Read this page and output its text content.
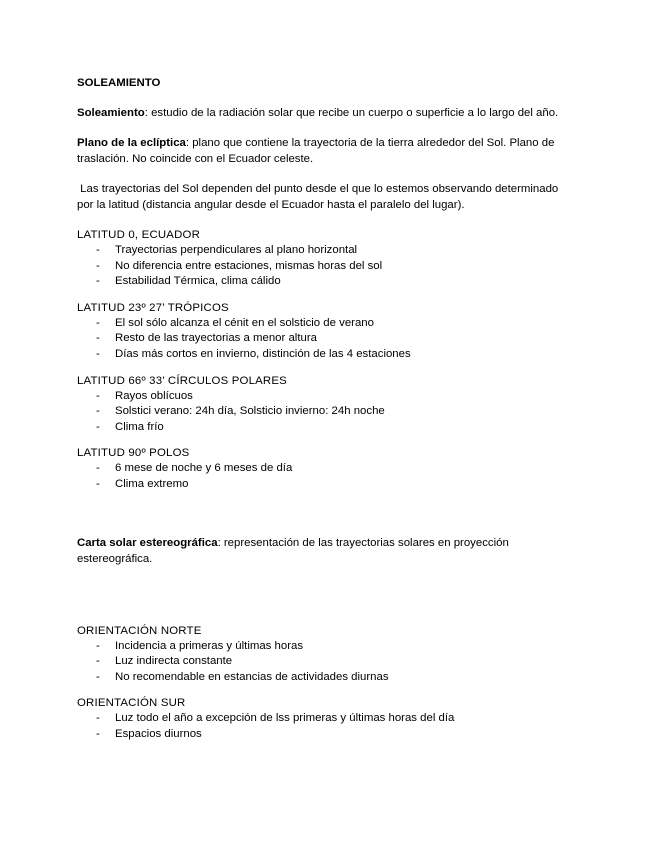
SOLEAMIENTO

Soleamiento: estudio de la radiación solar que recibe un cuerpo o superficie a lo largo del año.

Plano de la eclíptica: plano que contiene la trayectoria de la tierra alrededor del Sol. Plano de traslación. No coincide con el Ecuador celeste.

Las trayectorias del Sol dependen del punto desde el que lo estemos observando determinado por la latitud (distancia angular desde el Ecuador hasta el paralelo del lugar).

LATITUD 0, ECUADOR

- Trayectorias perpendiculares al plano horizontal
- No diferencia entre estaciones, mismas horas del sol
- Estabilidad Térmica, clima cálido

LATITUD 23º 27’ TRÓPICOS

- El sol sólo alcanza el cénit en el solsticio de verano
- Resto de las trayectorias a menor altura
- Días más cortos en invierno, distinción de las 4 estaciones

LATITUD 66º 33’ CÍRCULOS POLARES

- Rayos oblícuos
- Solstici verano: 24h día, Solsticio invierno: 24h noche
- Clima frío

LATITUD 90º POLOS

- 6 mese de noche y 6 meses de día
- Clima extremo

Carta solar estereográfica: representación de las trayectorias solares en proyección estereográfica.

ORIENTACIÓN NORTE

- Incidencia a primeras y últimas horas
- Luz indirecta constante
- No recomendable en estancias de actividades diurnas

ORIENTACIÓN SUR

- Luz todo el año a excepción de lss primeras y últimas horas del día
- Espacios diurnos
